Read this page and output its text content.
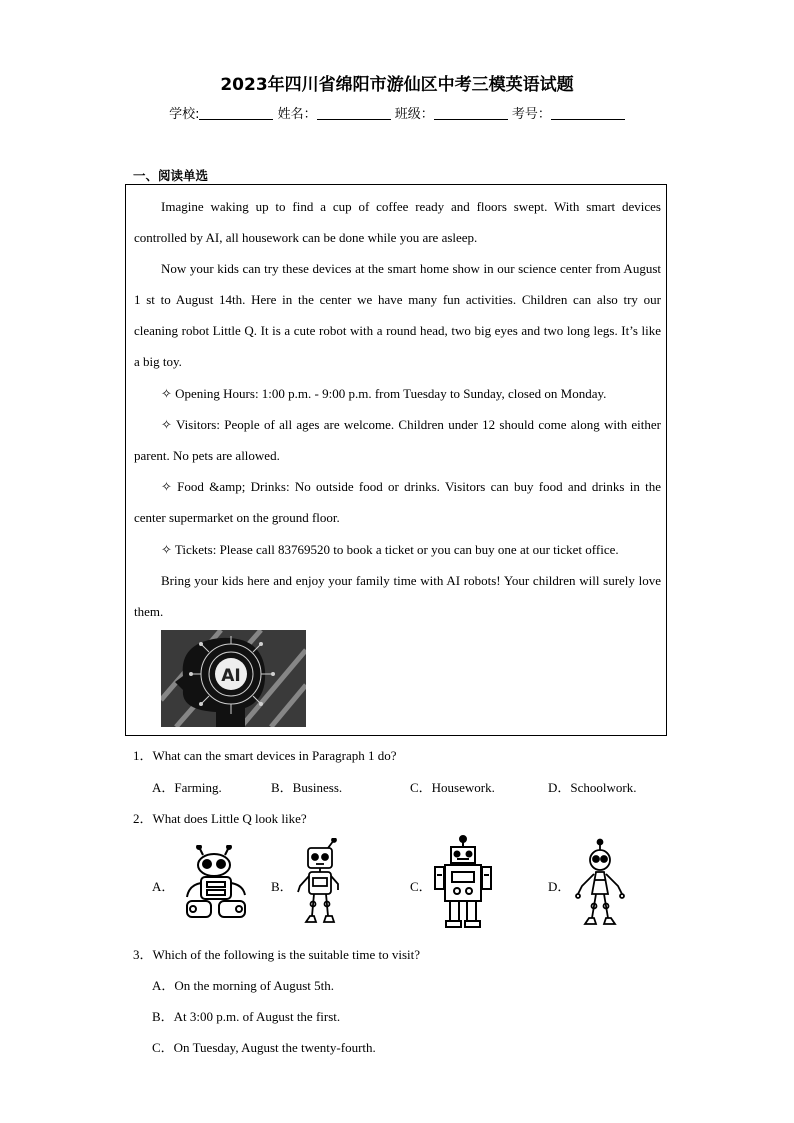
2023年四川省绵阳市游仙区中考三模英语试题
学校:	姓名：	班级：	考号：
一、阅读单选
Imagine waking up to find a cup of coffee ready and floors swept. With smart devices controlled by AI, all housework can be done while you are asleep.
Now your kids can try these devices at the smart home show in our science center from August 1 st to August 14th. Here in the center we have many fun activities. Children can also try our cleaning robot Little Q. It is a cute robot with a round head, two big eyes and two long legs. It’s like a big toy.
✧ Opening Hours: 1:00 p.m. - 9:00 p.m. from Tuesday to Sunday, closed on Monday.
✧ Visitors: People of all ages are welcome. Children under 12 should come along with either parent. No pets are allowed.
✧ Food &amp; Drinks: No outside food or drinks. Visitors can buy food and drinks in the center supermarket on the ground floor.
✧ Tickets: Please call 83769520 to book a ticket or you can buy one at our ticket office.
Bring your kids here and enjoy your family time with AI robots! Your children will surely love them.
AI
1．What can the smart devices in Paragraph 1 do?
A．Farming.	B．Business.	C．Housework.	D．Schoolwork.
2．What does Little Q look like?
A．	B．	C．	D．
3．Which of the following is the suitable time to visit?
A．On the morning of August 5th.
B．At 3:00 p.m. of August the first.
C．On Tuesday, August the twenty-fourth.
